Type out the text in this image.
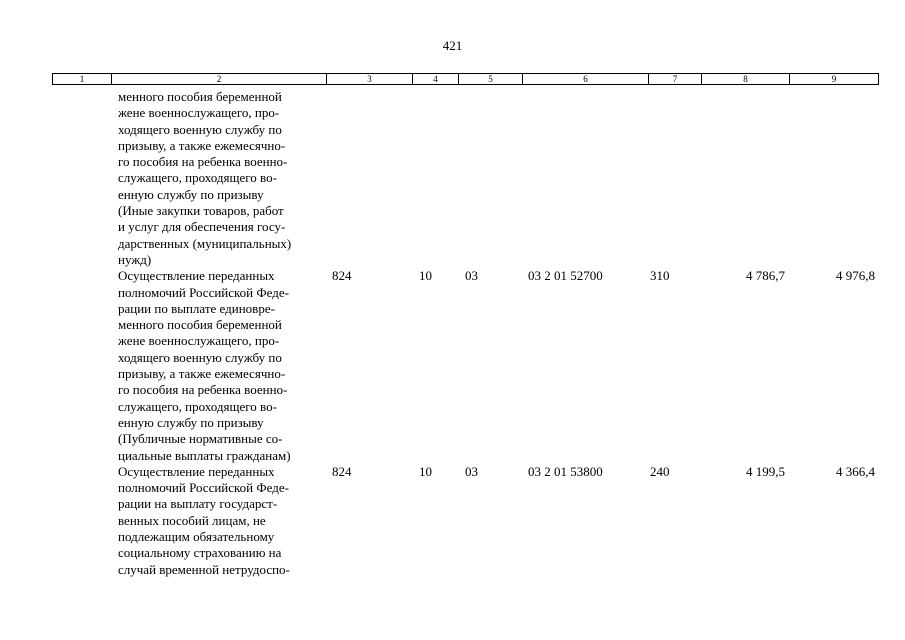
421
1	2	3	4	5	6	7	8	9
менного пособия беременной
жене военнослужащего, про-
ходящего военную службу по
призыву, а также ежемесячно-
го пособия на ребенка военно-
служащего, проходящего во-
енную службу по призыву
(Иные закупки товаров, работ
и услуг для обеспечения госу-
дарственных (муниципальных)
нужд)
Осуществление переданных
полномочий Российской Феде-
рации по выплате единовре-
менного пособия беременной
жене военнослужащего, про-
ходящего военную службу по
призыву, а также ежемесячно-
го пособия на ребенка военно-
служащего, проходящего во-
енную службу по призыву
(Публичные нормативные со-
циальные выплаты гражданам)
824	10	03	03 2 01 52700	310	4 786,7	4 976,8
Осуществление переданных
полномочий Российской Феде-
рации на выплату государст-
венных пособий лицам, не
подлежащим обязательному
социальному страхованию на
случай временной нетрудоспо-
824	10	03	03 2 01 53800	240	4 199,5	4 366,4
